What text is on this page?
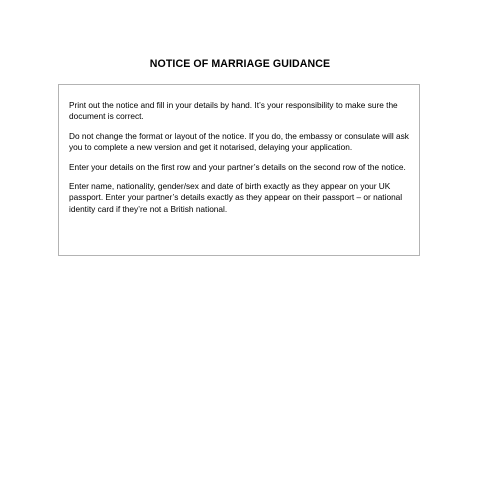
NOTICE OF MARRIAGE GUIDANCE

Print out the notice and fill in your details by hand. It’s your responsibility to make sure the document is correct.

Do not change the format or layout of the notice. If you do, the embassy or consulate will ask you to complete a new version and get it notarised, delaying your application.

Enter your details on the first row and your partner’s details on the second row of the notice.

Enter name, nationality, gender/sex and date of birth exactly as they appear on your UK passport. Enter your partner’s details exactly as they appear on their passport – or national identity card if they’re not a British national.
